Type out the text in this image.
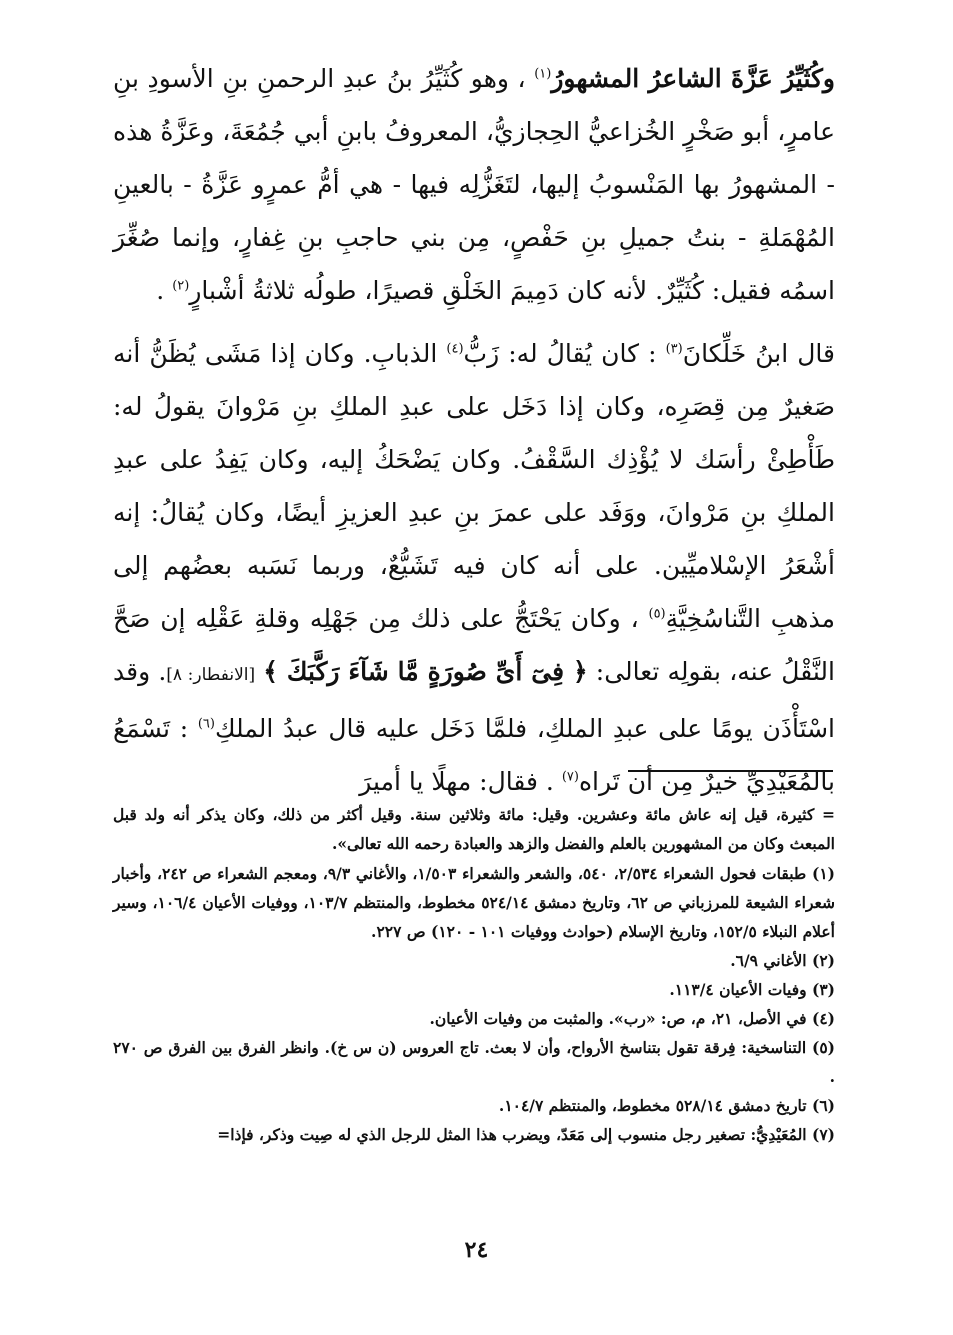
وكُثَيِّرُ عَزَّةَ الشاعرُ المشهورُ$^{(١)}$ ، وهو كُثَيِّرُ بنُ عبدِ الرحمنِ بنِ الأسودِ بنِ عامرٍ، أبو صَخْرٍ الخُزاعيُّ الحِجازيُّ، المعروفُ بابنِ أبي جُمُعَةَ، وعَزَّةُ هذه - المشهورُ بها المَنْسوبُ إليها، لتَغَزُّلِه فيها - هي أمُّ عمرٍو عَزَّةُ - بالعينِ المُهْمَلةِ - بنتُ جميلِ بنِ حَفْصٍ، مِن بني حاجبِ بنِ غِفارٍ، وإنما صُغِّرَ اسمُه فقيل: كُثَيِّرٌ. لأنه كان دَمِيمَ الخَلْقِ قصيرًا، طولُه ثلاثةُ أشْبارٍ$^{(٢)}$ .

قال ابنُ خَلِّكانَ$^{(٣)}$ : كان يُقالُ له: زَبُّ$^{(٤)}$ الذبابِ. وكان إذا مَشَى يُظَنُّ أنه صَغيرٌ مِن قِصَرِه، وكان إذا دَخَل على عبدِ الملكِ بنِ مَرْوانَ يقولُ له: طَأْطِئْ رأسَك لا يُؤْذِك السَّقْفُ. وكان يَضْحَكُ إليه، وكان يَفِدُ على عبدِ الملكِ بنِ مَرْوانَ، ووَفَد على عمرَ بنِ عبدِ العزيزِ أيضًا، وكان يُقالُ: إنه أشْعَرُ الإسْلاميِّين. على أنه كان فيه تَشَيُّعٌ، وربما نَسَبه بعضُهم إلى مذهبِ التَّناسُخِيَّةِ$^{(٥)}$ ، وكان يَحْتَجُّ على ذلك مِن جَهْلِه وقلةِ عَقْلِه إن صَحَّ النَّقْلُ عنه، بقولِه تعالى: ﴿ فِىٓ أَىِّ صُورَةٍ مَّا شَآءَ رَكَّبَكَ ﴾ [الانفطار: ٨]. وقد اسْتَأْذَن يومًا على عبدِ الملكِ، فلمَّا دَخَل عليه قال عبدُ الملكِ$^{(٦)}$ : تَسْمَعُ بالمُعَيْدِيِّ خيرٌ مِن أن تَراه$^{(٧)}$ . فقال: مهلًا يا أميرَ

= كثيرة، قيل إنه عاش مائة وعشرين. وقيل: مائة وثلاثين سنة. وقيل أكثر من ذلك، وكان يذكر أنه ولد قبل المبعث وكان من المشهورين بالعلم والفضل والزهد والعبادة رحمه الله تعالى».

(١) طبقات فحول الشعراء ٢/٥٣٤، ٥٤٠، والشعر والشعراء ١/٥٠٣، والأغاني ٩/٣، ومعجم الشعراء ص ٢٤٢، وأخبار شعراء الشيعة للمرزباني ص ٦٢، وتاريخ دمشق ٥٢٤/١٤ مخطوط، والمنتظم ١٠٣/٧، ووفيات الأعيان ١٠٦/٤، وسير أعلام النبلاء ١٥٢/٥، وتاريخ الإسلام (حوادث ووفيات ١٠١ - ١٢٠) ص ٢٢٧.

(٢) الأغاني ٦/٩.

(٣) وفيات الأعيان ١١٣/٤.

(٤) في الأصل، ٢١، م، ص: «رب». والمثبت من وفيات الأعيان.

(٥) التناسخية: فِرقة تقول بتناسخ الأرواح، وأن لا بعث. تاج العروس (ن س خ). وانظر الفرق بين الفرق ص ٢٧٠ .

(٦) تاريخ دمشق ٥٢٨/١٤ مخطوط، والمنتظم ١٠٤/٧.

(٧) المُعَيْدِيُّ: تصغير رجل منسوب إلى مَعَدّ، ويضرب هذا المثل للرجل الذي له صِيت وذكر، فإذا=

٢٤
